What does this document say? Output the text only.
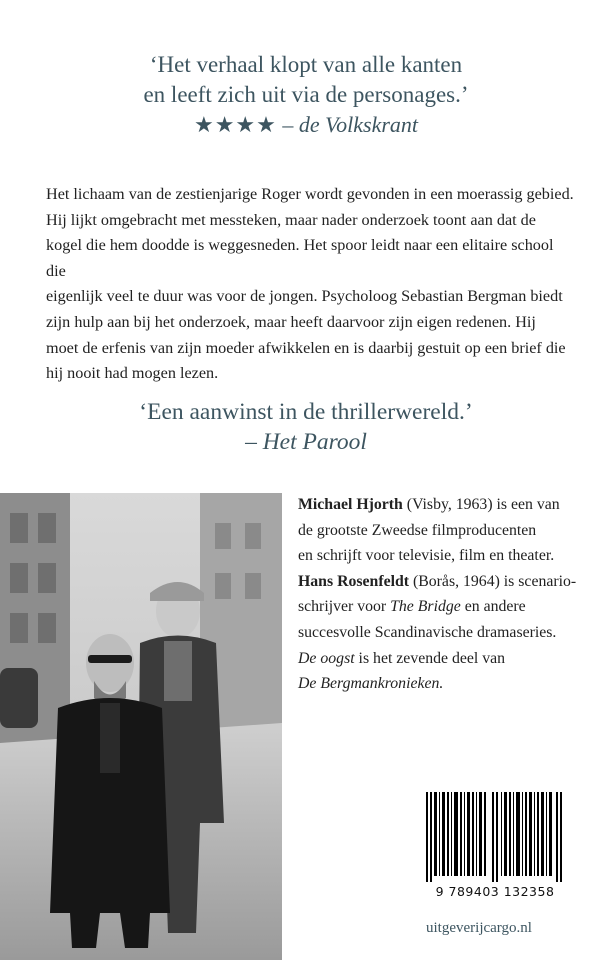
‘Het verhaal klopt van alle kanten
en leeft zich uit via de personages.’
★★★★ – de Volkskrant
Het lichaam van de zestienjarige Roger wordt gevonden in een moerassig gebied.
Hij lijkt omgebracht met messteken, maar nader onderzoek toont aan dat de
kogel die hem doodde is weggesneden. Het spoor leidt naar een elitaire school die
eigenlijk veel te duur was voor de jongen. Psycholoog Sebastian Bergman biedt
zijn hulp aan bij het onderzoek, maar heeft daarvoor zijn eigen redenen. Hij
moet de erfenis van zijn moeder afwikkelen en is daarbij gestuit op een brief die
hij nooit had mogen lezen.
‘Een aanwinst in de thrillerwereld.’
– Het Parool
Michael Hjorth (Visby, 1963) is een van
de grootste Zweedse filmproducenten
en schrijft voor televisie, film en theater.
Hans Rosenfeldt (Borås, 1964) is scenario-
schrijver voor The Bridge en andere
succesvolle Scandinavische dramaseries.
De oogst is het zevende deel van
De Bergmankronieken.
9 789403 132358
uitgeverijcargo.nl
